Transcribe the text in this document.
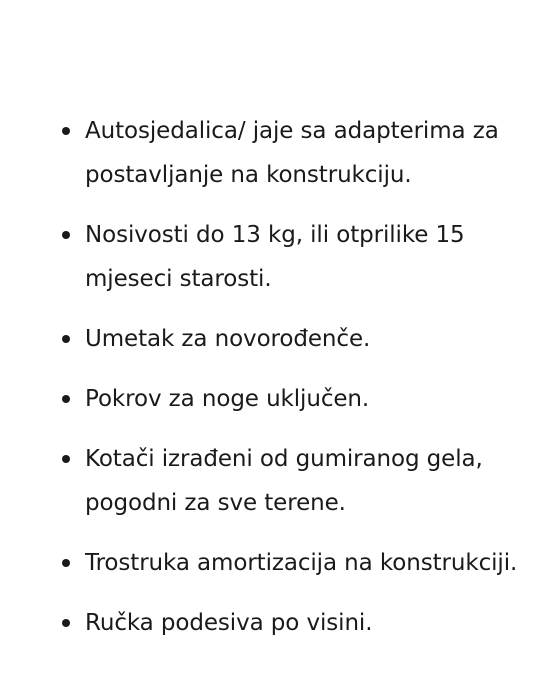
Autosjedalica/ jaje sa adapterima za postavljanje na konstrukciju.
Nosivosti do 13 kg, ili otprilike 15 mjeseci starosti.
Umetak za novorođenče.
Pokrov za noge uključen.
Kotači izrađeni od gumiranog gela, pogodni za sve terene.
Trostruka amortizacija na konstrukciji.
Ručka podesiva po visini.
